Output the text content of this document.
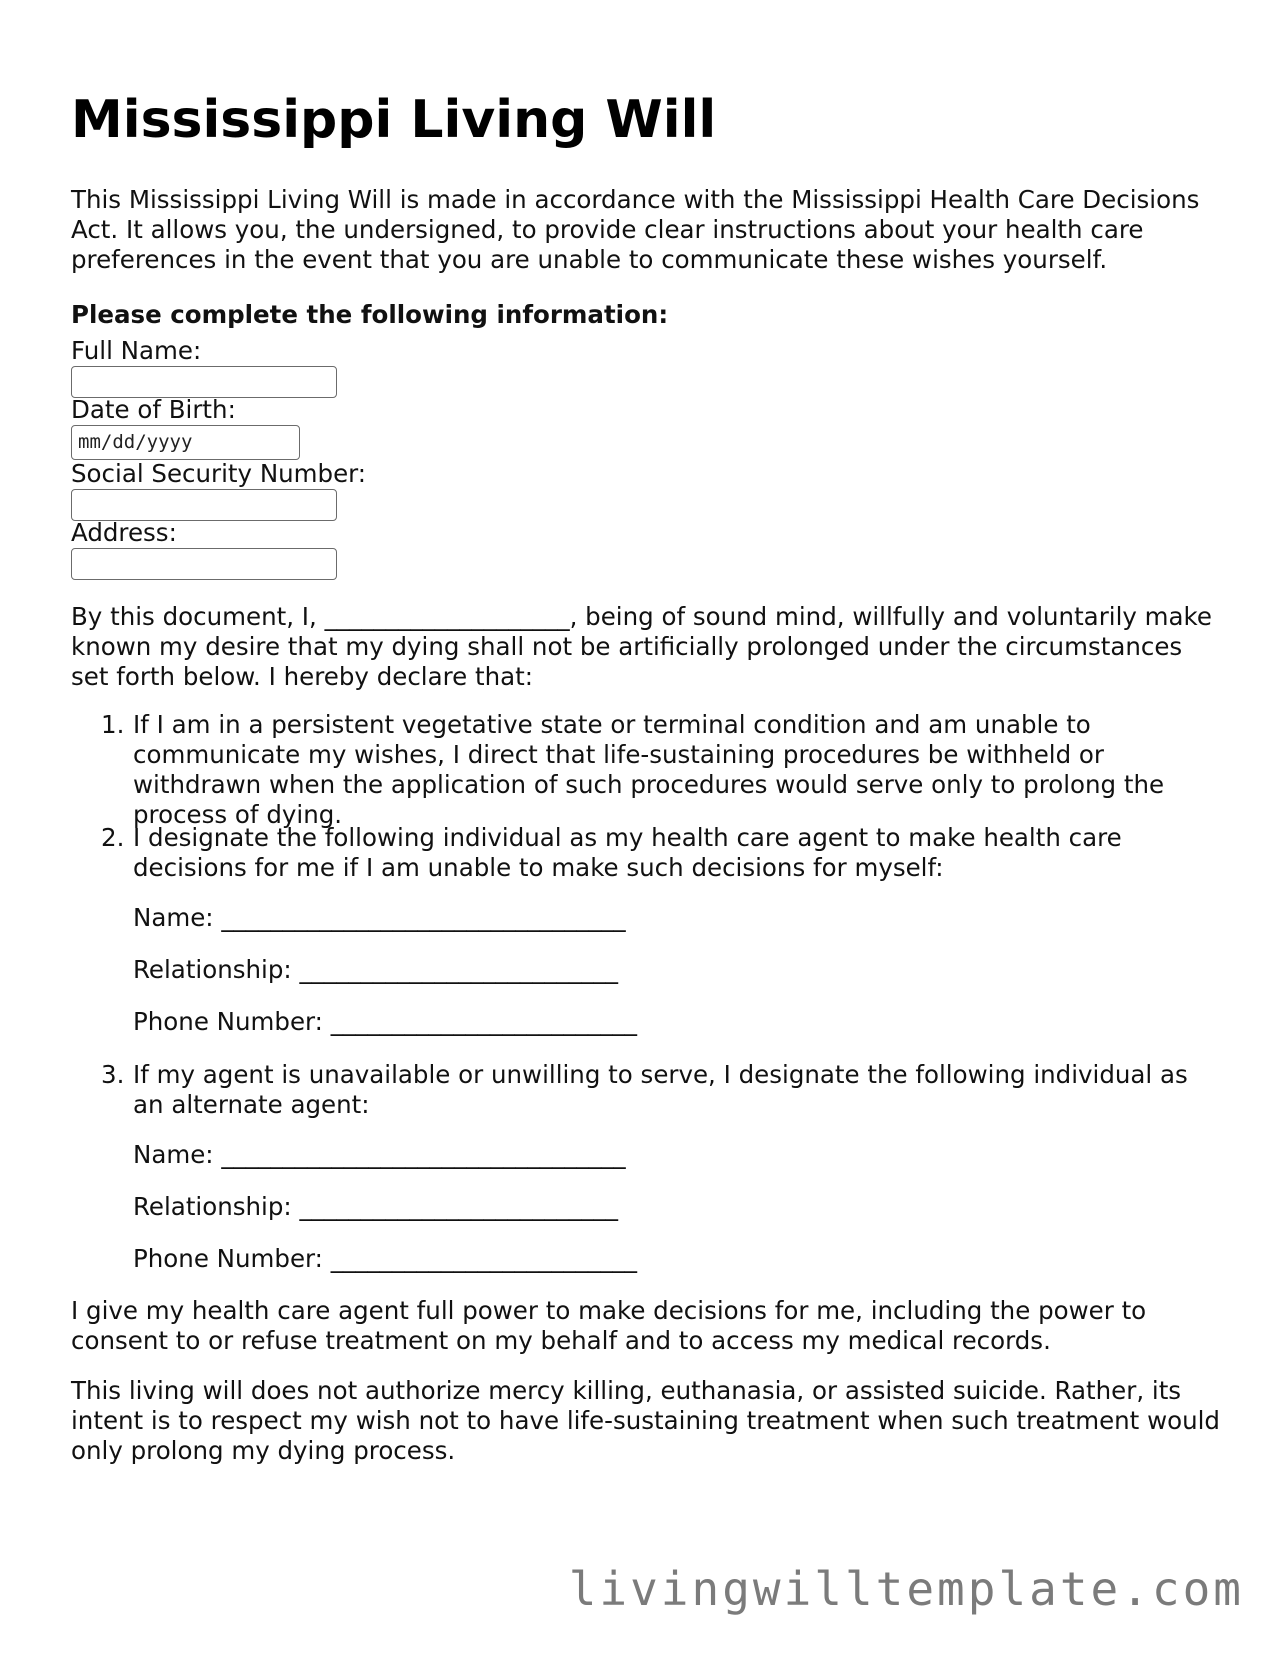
Mississippi Living Will

This Mississippi Living Will is made in accordance with the Mississippi Health Care Decisions Act. It allows you, the undersigned, to provide clear instructions about your health care preferences in the event that you are unable to communicate these wishes yourself.

Please complete the following information:

Full Name:

Date of Birth:

mm/dd/yyyy

Social Security Number:

Address:

By this document, I, ____________________, being of sound mind, willfully and voluntarily make known my desire that my dying shall not be artificially prolonged under the circumstances set forth below. I hereby declare that:

1. If I am in a persistent vegetative state or terminal condition and am unable to communicate my wishes, I direct that life-sustaining procedures be withheld or withdrawn when the application of such procedures would serve only to prolong the process of dying.

2. I designate the following individual as my health care agent to make health care decisions for me if I am unable to make such decisions for myself:

Name: _________________________________

Relationship: __________________________

Phone Number: _________________________

3. If my agent is unavailable or unwilling to serve, I designate the following individual as an alternate agent:

Name: _________________________________

Relationship: __________________________

Phone Number: _________________________

I give my health care agent full power to make decisions for me, including the power to consent to or refuse treatment on my behalf and to access my medical records.

This living will does not authorize mercy killing, euthanasia, or assisted suicide. Rather, its intent is to respect my wish not to have life-sustaining treatment when such treatment would only prolong my dying process.

livingwilltemplate.com
